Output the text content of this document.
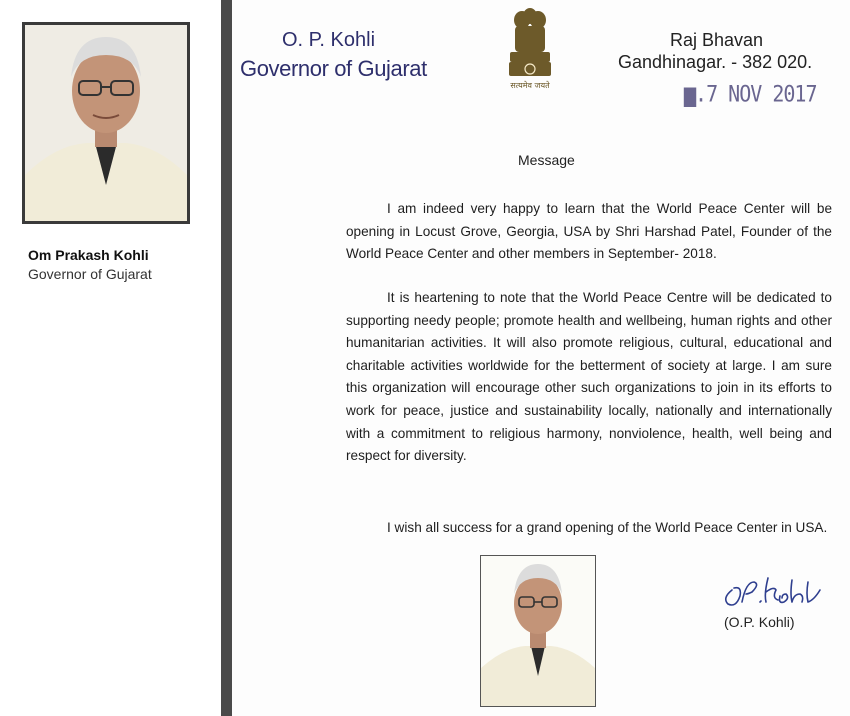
Om Prakash Kohli
Governor of Gujarat
O. P. Kohli
Governor of Gujarat
सत्यमेव जयते
Raj Bhavan
Gandhinagar. - 382 020.
▆.7 NOV 2017
Message

I am indeed very happy to learn that the World Peace Center will be opening in Locust Grove, Georgia, USA by Shri Harshad Patel, Founder of the World Peace Center and other members in September- 2018.

It is heartening to note that the World Peace Centre will be dedicated to supporting needy people; promote health and wellbeing, human rights and other humanitarian activities. It will also promote religious, cultural, educational and charitable activities worldwide for the betterment of society at large. I am sure this organization will encourage other such organizations to join in its efforts to work for peace, justice and sustainability locally, nationally and internationally with a commitment to religious harmony, nonviolence, health, well being and respect for diversity.

I wish all success for a grand opening of the World Peace Center in USA.

(O.P. Kohli)
